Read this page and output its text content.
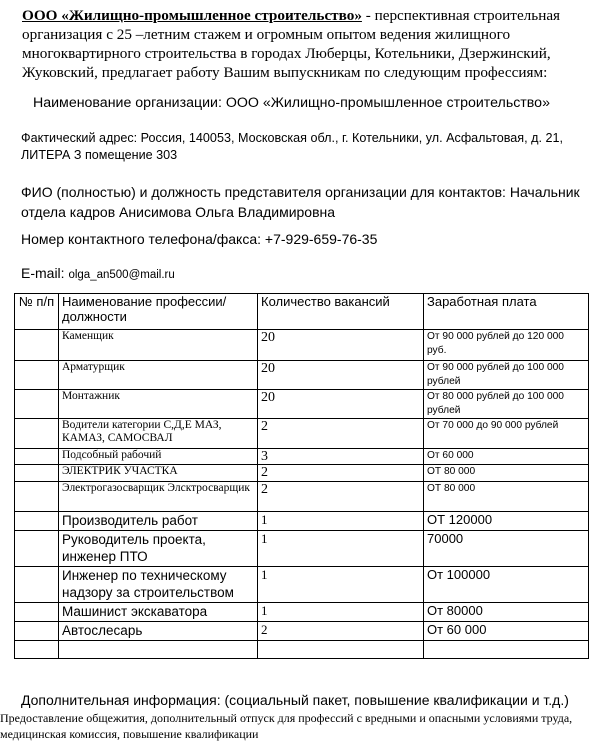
ООО «Жилищно-промышленное строительство» - перспективная строительная организация с 25 –летним стажем и огромным опытом ведения жилищного многоквартирного строительства в городах Люберцы, Котельники, Дзержинский, Жуковский, предлагает работу Вашим выпускникам по следующим профессиям:
Наименование организации: ООО «Жилищно-промышленное строительство»
Фактический адрес: Россия, 140053, Московская обл., г. Котельники, ул. Асфальтовая, д. 21, ЛИТЕРА З помещение 303
ФИО (полностью) и должность представителя организации для контактов: Начальник отдела кадров Анисимова Ольга Владимировна
Номер контактного телефона/факса: +7-929-659-76-35
E-mail: olga_an500@mail.ru
№ п/п	Наименование профессии/должности	Количество вакансий	Заработная плата
	Каменщик	20	От 90 000 рублей до 120 000 руб.
	Арматурщик	20	От 90 000 рублей до 100 000 рублей
	Монтажник	20	От 80 000 рублей до 100 000 рублей
	Водители категории С,Д,Е МАЗ, КАМАЗ, САМОСВАЛ	2	От 70 000 до 90 000 рублей
	Подсобный рабочий	3	От 60 000
	ЭЛЕКТРИК УЧАСТКА	2	ОТ 80 000
	Электрогазосварщик Элсктросварщик	2	ОТ 80 000
	Производитель работ	1	ОТ 120000
	Руководитель проекта, инженер ПТО	1	70000
	Инженер по техническому надзору за строительством	1	От 100000
	Машинист экскаватора	1	От 80000
	Автослесарь	2	От 60 000

Дополнительная информация: (социальный пакет, повышение квалификации и т.д.)
Предоставление общежития, дополнительный отпуск для профессий с вредными и опасными условиями труда, медицинская комиссия, повышение квалификации
